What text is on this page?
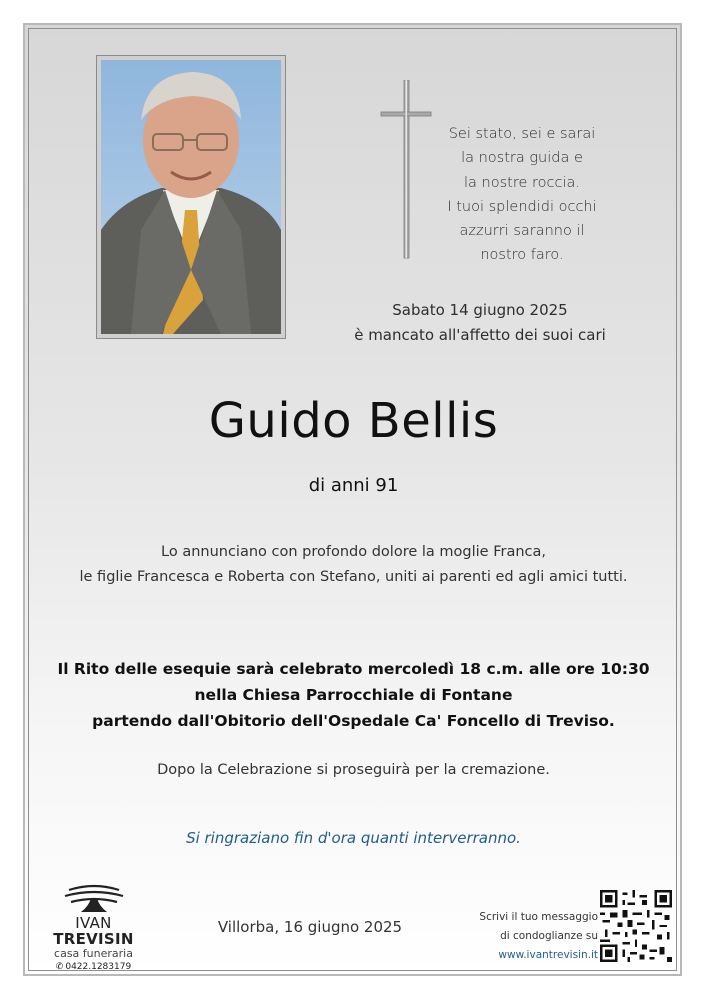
Sei stato, sei e sarai
la nostra guida e
la nostre roccia.
I tuoi splendidi occhi
azzurri saranno il
nostro faro.
Sabato 14 giugno 2025
è mancato all'affetto dei suoi cari
Guido Bellis
di anni 91
Lo annunciano con profondo dolore la moglie Franca,
le figlie Francesca e Roberta con Stefano, uniti ai parenti ed agli amici tutti.
Il Rito delle esequie sarà celebrato mercoledì 18 c.m. alle ore 10:30
nella Chiesa Parrocchiale di Fontane
partendo dall'Obitorio dell'Ospedale Ca' Foncello di Treviso.
Dopo la Celebrazione si proseguirà per la cremazione.
Si ringraziano fin d'ora quanti interverranno.
IVAN TREVISIN
casa funeraria
✆ 0422.1283179
Villorba, 16 giugno 2025
Scrivi il tuo messaggio
di condoglianze su
www.ivantrevisin.it
